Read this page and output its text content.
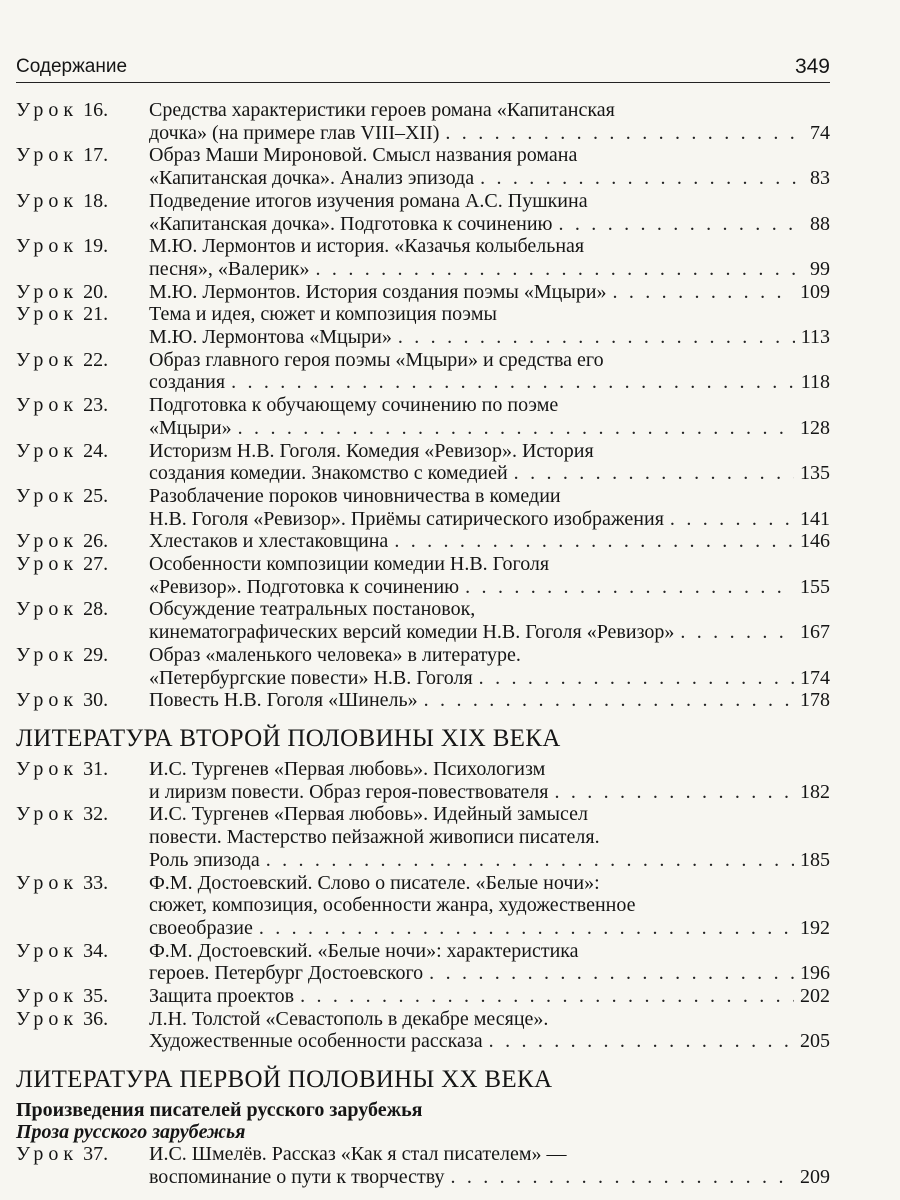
Содержание	349
Урок 16.	Средства характеристики героев романа «Капитанская
дочка» (на примере глав VIII–XII) . . .	74
Урок 17.	Образ Маши Мироновой. Смысл названия романа
«Капитанская дочка». Анализ эпизода . . .	83
Урок 18.	Подведение итогов изучения романа А.С. Пушкина
«Капитанская дочка». Подготовка к сочинению . . .	88
Урок 19.	М.Ю. Лермонтов и история. «Казачья колыбельная
песня», «Валерик» . . .	99
Урок 20.	М.Ю. Лермонтов. История создания поэмы «Мцыри» . . .	109
Урок 21.	Тема и идея, сюжет и композиция поэмы
М.Ю. Лермонтова «Мцыри» . . .	113
Урок 22.	Образ главного героя поэмы «Мцыри» и средства его
создания . . .	118
Урок 23.	Подготовка к обучающему сочинению по поэме
«Мцыри» . . .	128
Урок 24.	Историзм Н.В. Гоголя. Комедия «Ревизор». История
создания комедии. Знакомство с комедией . . .	135
Урок 25.	Разоблачение пороков чиновничества в комедии
Н.В. Гоголя «Ревизор». Приёмы сатирического изображения . . .	141
Урок 26.	Хлестаков и хлестаковщина . . .	146
Урок 27.	Особенности композиции комедии Н.В. Гоголя
«Ревизор». Подготовка к сочинению . . .	155
Урок 28.	Обсуждение театральных постановок,
кинематографических версий комедии Н.В. Гоголя «Ревизор» . . .	167
Урок 29.	Образ «маленького человека» в литературе.
«Петербургские повести» Н.В. Гоголя . . .	174
Урок 30.	Повесть Н.В. Гоголя «Шинель» . . .	178
ЛИТЕРАТУРА ВТОРОЙ ПОЛОВИНЫ XIX ВЕКА
Урок 31.	И.С. Тургенев «Первая любовь». Психологизм
и лиризм повести. Образ героя-повествователя . . .	182
Урок 32.	И.С. Тургенев «Первая любовь». Идейный замысел
повести. Мастерство пейзажной живописи писателя.
Роль эпизода . . .	185
Урок 33.	Ф.М. Достоевский. Слово о писателе. «Белые ночи»:
сюжет, композиция, особенности жанра, художественное
своеобразие . . .	192
Урок 34.	Ф.М. Достоевский. «Белые ночи»: характеристика
героев. Петербург Достоевского . . .	196
Урок 35.	Защита проектов . . .	202
Урок 36.	Л.Н. Толстой «Севастополь в декабре месяце».
Художественные особенности рассказа . . .	205
ЛИТЕРАТУРА ПЕРВОЙ ПОЛОВИНЫ XX ВЕКА
Произведения писателей русского зарубежья
Проза русского зарубежья
Урок 37.	И.С. Шмелёв. Рассказ «Как я стал писателем» —
воспоминание о пути к творчеству . . .	209
